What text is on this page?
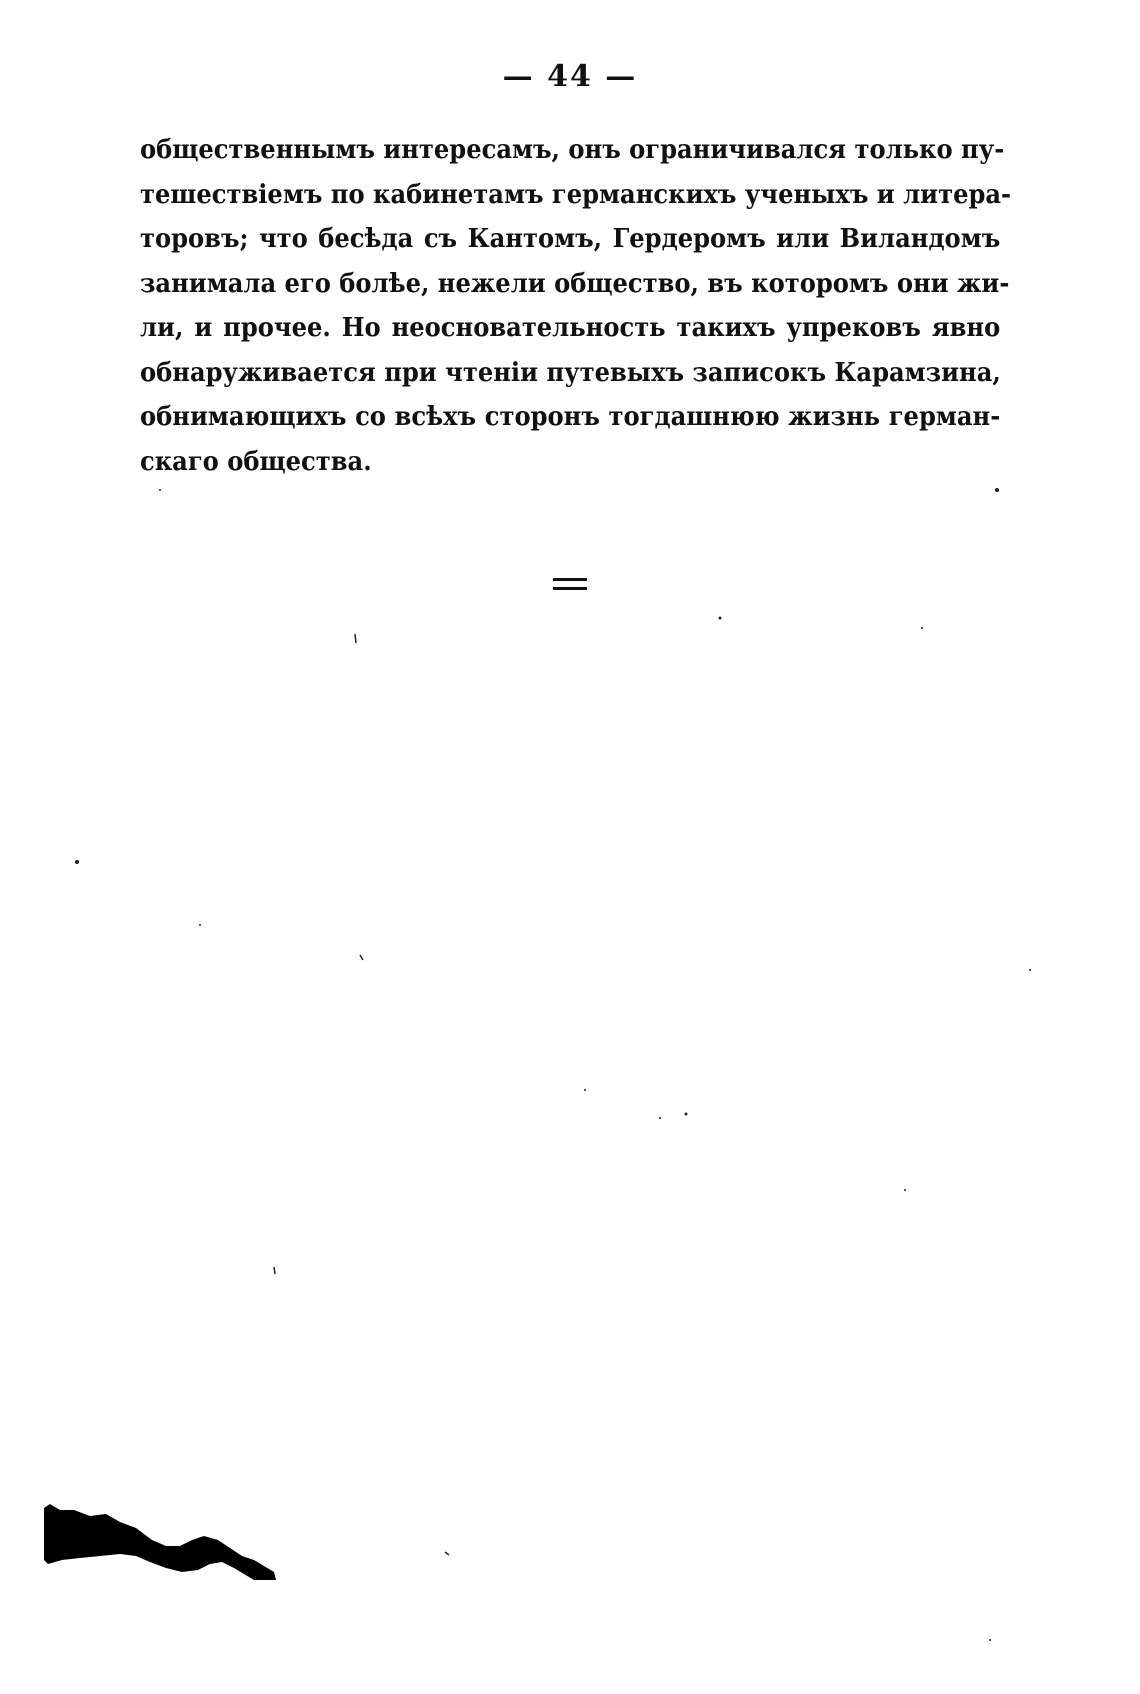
— 44 —
общественнымъ интересамъ, онъ ограничивался только пу-
тешествіемъ по кабинетамъ германскихъ ученыхъ и литера-
торовъ; что бесѣда съ Кантомъ, Гердеромъ или Виландомъ
занимала его болѣе, нежели общество, въ которомъ они жи-
ли, и прочее. Но неосновательность такихъ упрековъ явно
обнаруживается при чтеніи путевыхъ записокъ Карамзина,
обнимающихъ со всѣхъ сторонъ тогдашнюю жизнь герман-
скаго общества.
